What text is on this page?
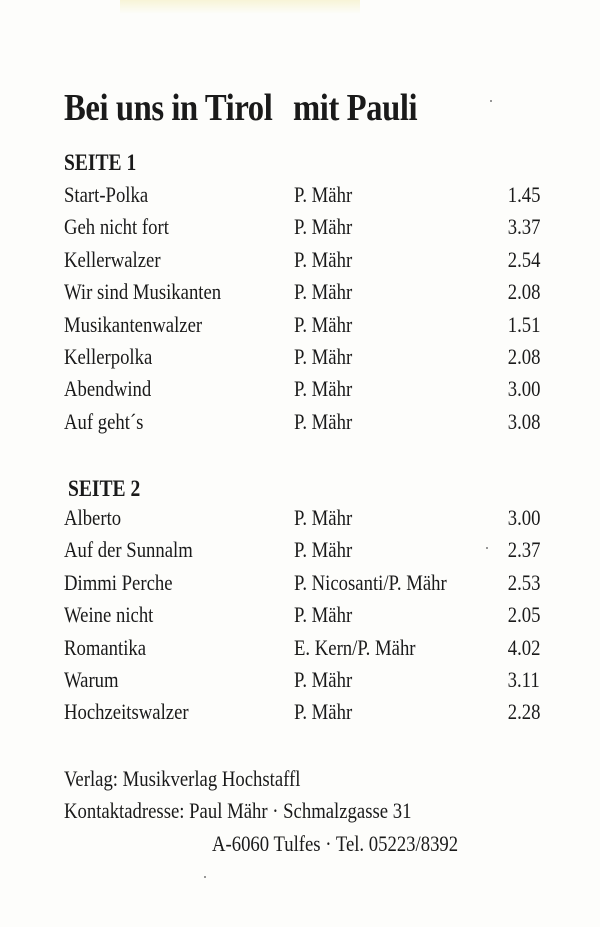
Bei uns in Tirol mit Pauli
SEITE 1
Start-Polka	P. Mähr	1.45
Geh nicht fort	P. Mähr	3.37
Kellerwalzer	P. Mähr	2.54
Wir sind Musikanten	P. Mähr	2.08
Musikantenwalzer	P. Mähr	1.51
Kellerpolka	P. Mähr	2.08
Abendwind	P. Mähr	3.00
Auf geht´s	P. Mähr	3.08
SEITE 2
Alberto	P. Mähr	3.00
Auf der Sunnalm	P. Mähr	2.37
Dimmi Perche	P. Nicosanti/P. Mähr	2.53
Weine nicht	P. Mähr	2.05
Romantika	E. Kern/P. Mähr	4.02
Warum	P. Mähr	3.11
Hochzeitswalzer	P. Mähr	2.28
Verlag: Musikverlag Hochstaffl
Kontaktadresse: Paul Mähr · Schmalzgasse 31
A-6060 Tulfes · Tel. 05223/8392
